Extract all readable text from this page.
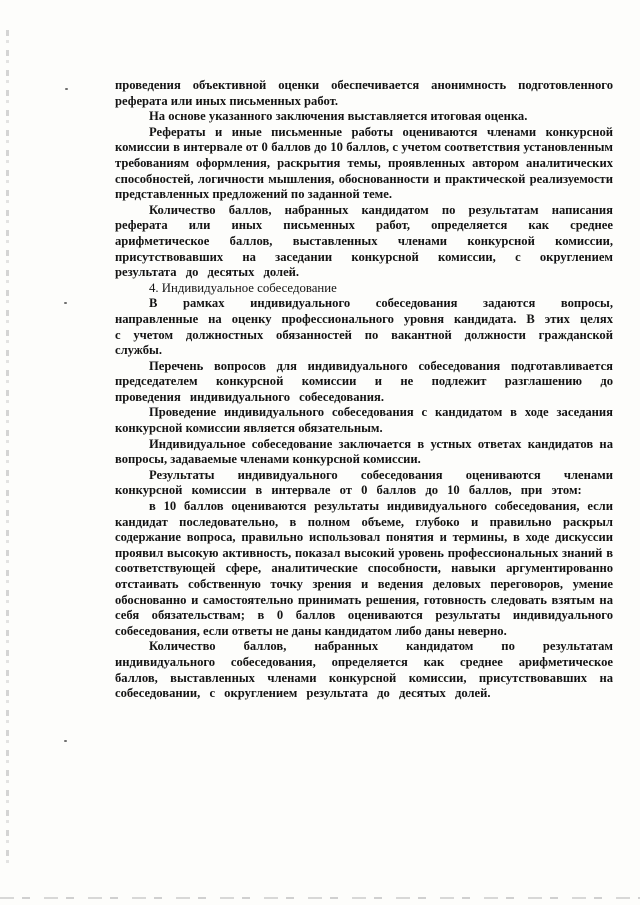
проведения объективной оценки обеспечивается анонимность подготовленного реферата или иных письменных работ.

На основе указанного заключения выставляется итоговая оценка.

Рефераты и иные письменные работы оцениваются членами конкурсной комиссии в интервале от 0 баллов до 10 баллов, с учетом соответствия установленным требованиям оформления, раскрытия темы, проявленных автором аналитических способностей, логичности мышления, обоснованности и практической реализуемости представленных предложений по заданной теме.

Количество баллов, набранных кандидатом по результатам написания реферата или иных письменных работ, определяется как среднее арифметическое баллов, выставленных членами конкурсной комиссии, присутствовавших на заседании конкурсной комиссии, с округлением результата до десятых долей.

4. Индивидуальное собеседование

В рамках индивидуального собеседования задаются вопросы, направленные на оценку профессионального уровня кандидата. В этих целях с учетом должностных обязанностей по вакантной должности гражданской службы.

Перечень вопросов для индивидуального собеседования подготавливается председателем конкурсной комиссии и не подлежит разглашению до проведения индивидуального собеседования.

Проведение индивидуального собеседования с кандидатом в ходе заседания конкурсной комиссии является обязательным.

Индивидуальное собеседование заключается в устных ответах кандидатов на вопросы, задаваемые членами конкурсной комиссии.

Результаты индивидуального собеседования оцениваются членами конкурсной комиссии в интервале от 0 баллов до 10 баллов, при этом:

в 10 баллов оцениваются результаты индивидуального собеседования, если кандидат последовательно, в полном объеме, глубоко и правильно раскрыл содержание вопроса, правильно использовал понятия и термины, в ходе дискуссии проявил высокую активность, показал высокий уровень профессиональных знаний в соответствующей сфере, аналитические способности, навыки аргументированно отстаивать собственную точку зрения и ведения деловых переговоров, умение обоснованно и самостоятельно принимать решения, готовность следовать взятым на себя обязательствам; в 0 баллов оцениваются результаты индивидуального собеседования, если ответы не даны кандидатом либо даны неверно.

Количество баллов, набранных кандидатом по результатам индивидуального собеседования, определяется как среднее арифметическое баллов, выставленных членами конкурсной комиссии, присутствовавших на собеседовании, с округлением результата до десятых долей.
